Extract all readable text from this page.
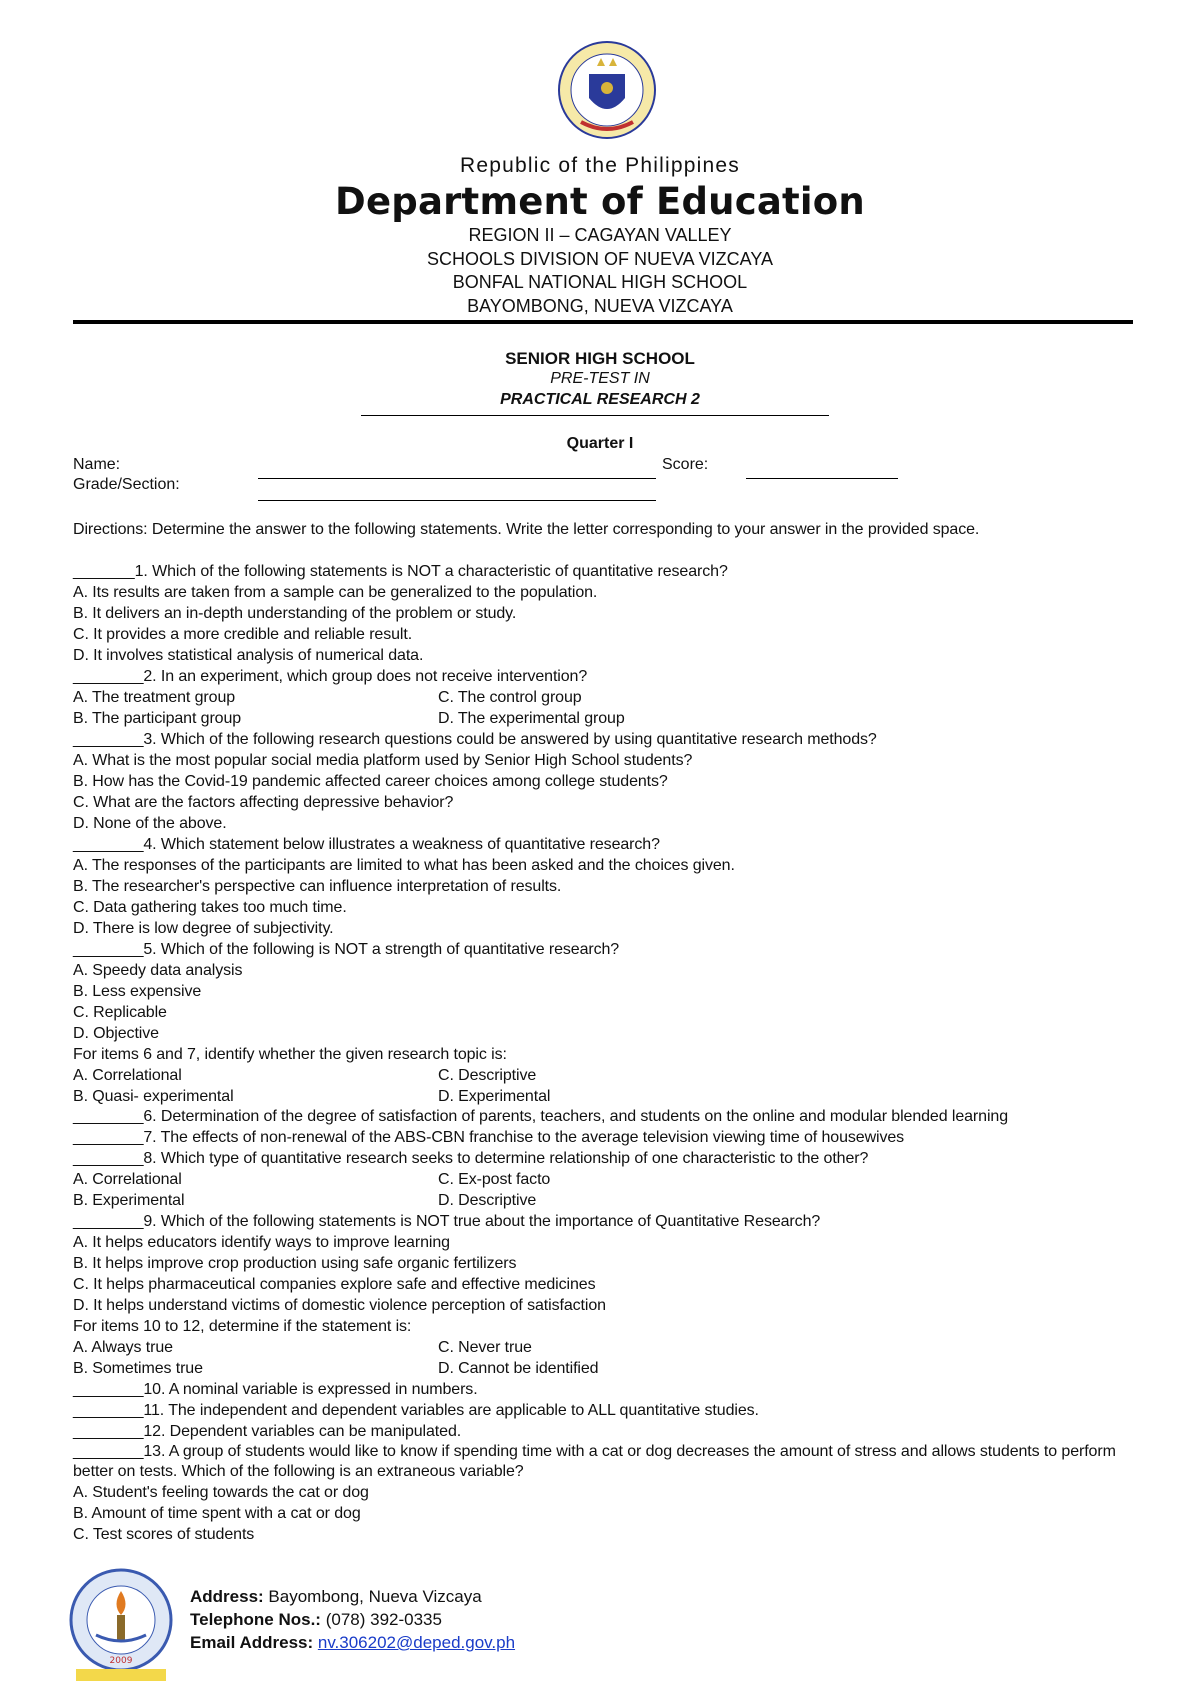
Republic of the Philippines
Department of Education
REGION II – CAGAYAN VALLEY
SCHOOLS DIVISION OF NUEVA VIZCAYA
BONFAL NATIONAL HIGH SCHOOL
BAYOMBONG, NUEVA VIZCAYA
SENIOR HIGH SCHOOL
PRE-TEST IN
PRACTICAL RESEARCH 2
Quarter I
Name:	Score:
Grade/Section:
Directions: Determine the answer to the following statements. Write the letter corresponding to your answer in the provided space.
_______1. Which of the following statements is NOT a characteristic of quantitative research?
A. Its results are taken from a sample can be generalized to the population.
B. It delivers an in-depth understanding of the problem or study.
C. It provides a more credible and reliable result.
D. It involves statistical analysis of numerical data.
________2. In an experiment, which group does not receive intervention?
A. The treatment group	C. The control group
B. The participant group	D. The experimental group
________3. Which of the following research questions could be answered by using quantitative research methods?
A. What is the most popular social media platform used by Senior High School students?
B. How has the Covid-19 pandemic affected career choices among college students?
C. What are the factors affecting depressive behavior?
D. None of the above.
________4. Which statement below illustrates a weakness of quantitative research?
A. The responses of the participants are limited to what has been asked and the choices given.
B. The researcher's perspective can influence interpretation of results.
C. Data gathering takes too much time.
D. There is low degree of subjectivity.
________5. Which of the following is NOT a strength of quantitative research?
A. Speedy data analysis
B. Less expensive
C. Replicable
D. Objective
For items 6 and 7, identify whether the given research topic is:
A. Correlational	C. Descriptive
B. Quasi- experimental	D. Experimental
________6. Determination of the degree of satisfaction of parents, teachers, and students on the online and modular blended learning
________7. The effects of non-renewal of the ABS-CBN franchise to the average television viewing time of housewives
________8. Which type of quantitative research seeks to determine relationship of one characteristic to the other?
A. Correlational	C. Ex-post facto
B. Experimental	D. Descriptive
________9. Which of the following statements is NOT true about the importance of Quantitative Research?
A. It helps educators identify ways to improve learning
B. It helps improve crop production using safe organic fertilizers
C. It helps pharmaceutical companies explore safe and effective medicines
D. It helps understand victims of domestic violence perception of satisfaction
For items 10 to 12, determine if the statement is:
A. Always true	C. Never true
B. Sometimes true	D. Cannot be identified
________10. A nominal variable is expressed in numbers.
________11. The independent and dependent variables are applicable to ALL quantitative studies.
________12. Dependent variables can be manipulated.
________13. A group of students would like to know if spending time with a cat or dog decreases the amount of stress and allows students to perform better on tests. Which of the following is an extraneous variable?
A. Student's feeling towards the cat or dog
B. Amount of time spent with a cat or dog
C. Test scores of students
2009
Address: Bayombong, Nueva Vizcaya
Telephone Nos.: (078) 392-0335
Email Address: nv.306202@deped.gov.ph
